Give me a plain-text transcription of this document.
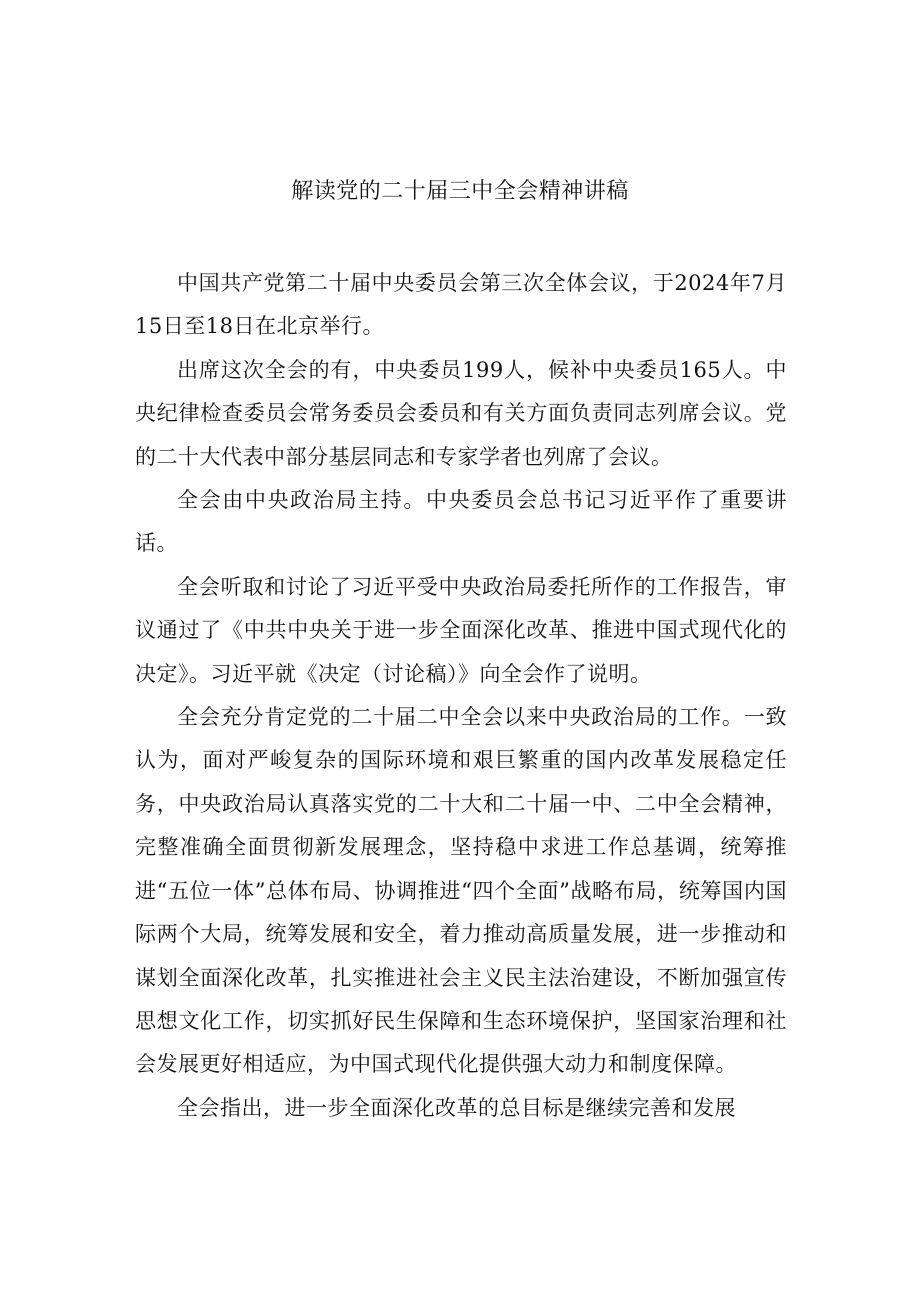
解读党的二十届三中全会精神讲稿

中国共产党第二十届中央委员会第三次全体会议，于2024年7月15日至18日在北京举行。

出席这次全会的有，中央委员199人，候补中央委员165人。中央纪律检查委员会常务委员会委员和有关方面负责同志列席会议。党的二十大代表中部分基层同志和专家学者也列席了会议。

全会由中央政治局主持。中央委员会总书记习近平作了重要讲话。

全会听取和讨论了习近平受中央政治局委托所作的工作报告，审议通过了《中共中央关于进一步全面深化改革、推进中国式现代化的决定》。习近平就《决定（讨论稿）》向全会作了说明。

全会充分肯定党的二十届二中全会以来中央政治局的工作。一致认为，面对严峻复杂的国际环境和艰巨繁重的国内改革发展稳定任务，中央政治局认真落实党的二十大和二十届一中、二中全会精神，完整准确全面贯彻新发展理念，坚持稳中求进工作总基调，统筹推进“五位一体”总体布局、协调推进“四个全面”战略布局，统筹国内国际两个大局，统筹发展和安全，着力推动高质量发展，进一步推动和谋划全面深化改革，扎实推进社会主义民主法治建设，不断加强宣传思想文化工作，切实抓好民生保障和生态环境保护，坚国家治理和社会发展更好相适应，为中国式现代化提供强大动力和制度保障。

全会指出，进一步全面深化改革的总目标是继续完善和发展
